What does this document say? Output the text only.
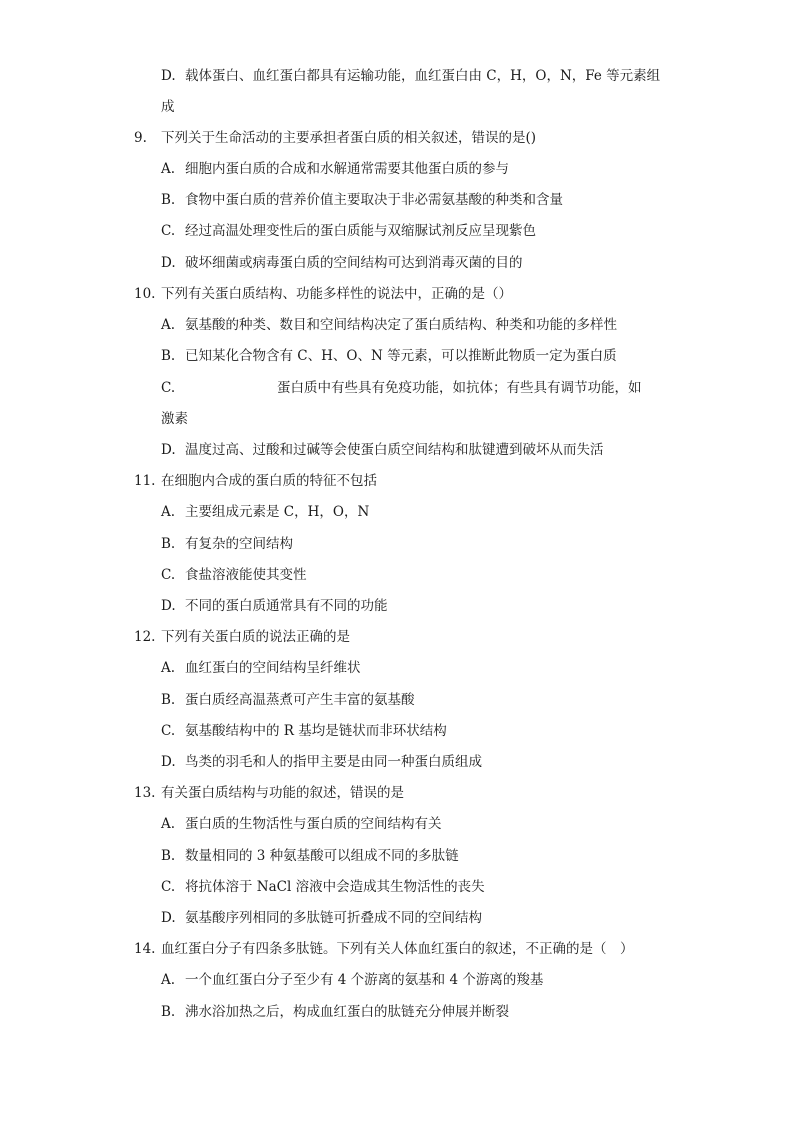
D. 载体蛋白、血红蛋白都具有运输功能，血红蛋白由 C，H，O，N，Fe 等元素组
成
9. 下列关于生命活动的主要承担者蛋白质的相关叙述，错误的是()
A. 细胞内蛋白质的合成和水解通常需要其他蛋白质的参与
B. 食物中蛋白质的营养价值主要取决于非必需氨基酸的种类和含量
C. 经过高温处理变性后的蛋白质能与双缩脲试剂反应呈现紫色
D. 破坏细菌或病毒蛋白质的空间结构可达到消毒灭菌的目的
10. 下列有关蛋白质结构、功能多样性的说法中，正确的是（）
A. 氨基酸的种类、数目和空间结构决定了蛋白质结构、种类和功能的多样性
B. 已知某化合物含有 C、H、O、N 等元素，可以推断此物质一定为蛋白质
C.	蛋白质中有些具有免疫功能，如抗体；有些具有调节功能，如
激素
D. 温度过高、过酸和过碱等会使蛋白质空间结构和肽键遭到破坏从而失活
11. 在细胞内合成的蛋白质的特征不包括
A. 主要组成元素是 C，H，O，N
B. 有复杂的空间结构
C. 食盐溶液能使其变性
D. 不同的蛋白质通常具有不同的功能
12. 下列有关蛋白质的说法正确的是
A. 血红蛋白的空间结构呈纤维状
B. 蛋白质经高温蒸煮可产生丰富的氨基酸
C. 氨基酸结构中的 R 基均是链状而非环状结构
D. 鸟类的羽毛和人的指甲主要是由同一种蛋白质组成
13. 有关蛋白质结构与功能的叙述，错误的是
A. 蛋白质的生物活性与蛋白质的空间结构有关
B. 数量相同的 3 种氨基酸可以组成不同的多肽链
C. 将抗体溶于 NaCl 溶液中会造成其生物活性的丧失
D. 氨基酸序列相同的多肽链可折叠成不同的空间结构
14. 血红蛋白分子有四条多肽链。下列有关人体血红蛋白的叙述，不正确的是（　）
A. 一个血红蛋白分子至少有 4 个游离的氨基和 4 个游离的羧基
B. 沸水浴加热之后，构成血红蛋白的肽链充分伸展并断裂
